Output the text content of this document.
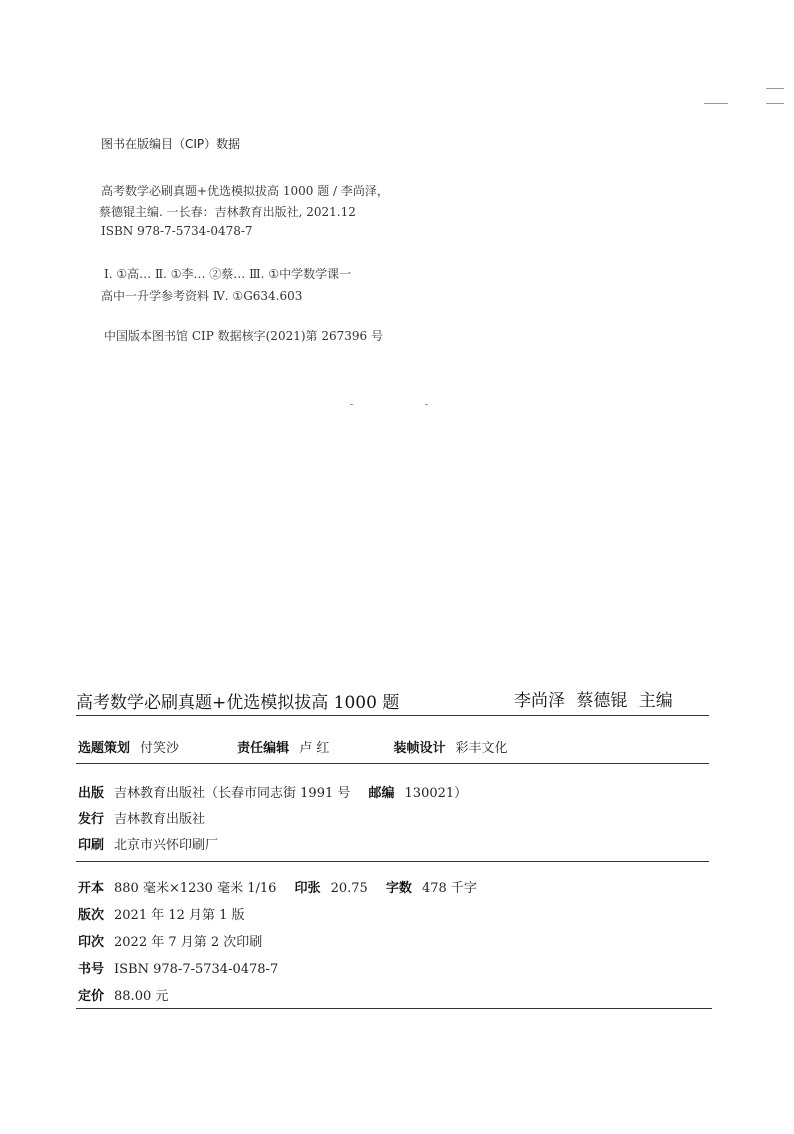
图书在版编目（CIP）数据
高考数学必刷真题+优选模拟拔高 1000 题 / 李尚泽，
蔡德锟主编. 一长春：吉林教育出版社, 2021.12
ISBN 978-7-5734-0478-7
Ⅰ. ①高… Ⅱ. ①李… ②蔡… Ⅲ. ①中学数学课一
高中一升学参考资料 Ⅳ. ①G634.603
中国版本图书馆 CIP 数据核字(2021)第 267396 号
高考数学必刷真题+优选模拟拔高 1000 题	李尚泽 蔡德锟 主编
选题策划 付笑沙	责任编辑 卢 红	装帧设计 彩丰文化
出版 吉林教育出版社（长春市同志街 1991 号 邮编 130021）
发行 吉林教育出版社
印刷 北京市兴怀印刷厂
开本 880 毫米×1230 毫米 1/16 印张 20.75 字数 478 千字
版次 2021 年 12 月第 1 版
印次 2022 年 7 月第 2 次印刷
书号 ISBN 978-7-5734-0478-7
定价 88.00 元
